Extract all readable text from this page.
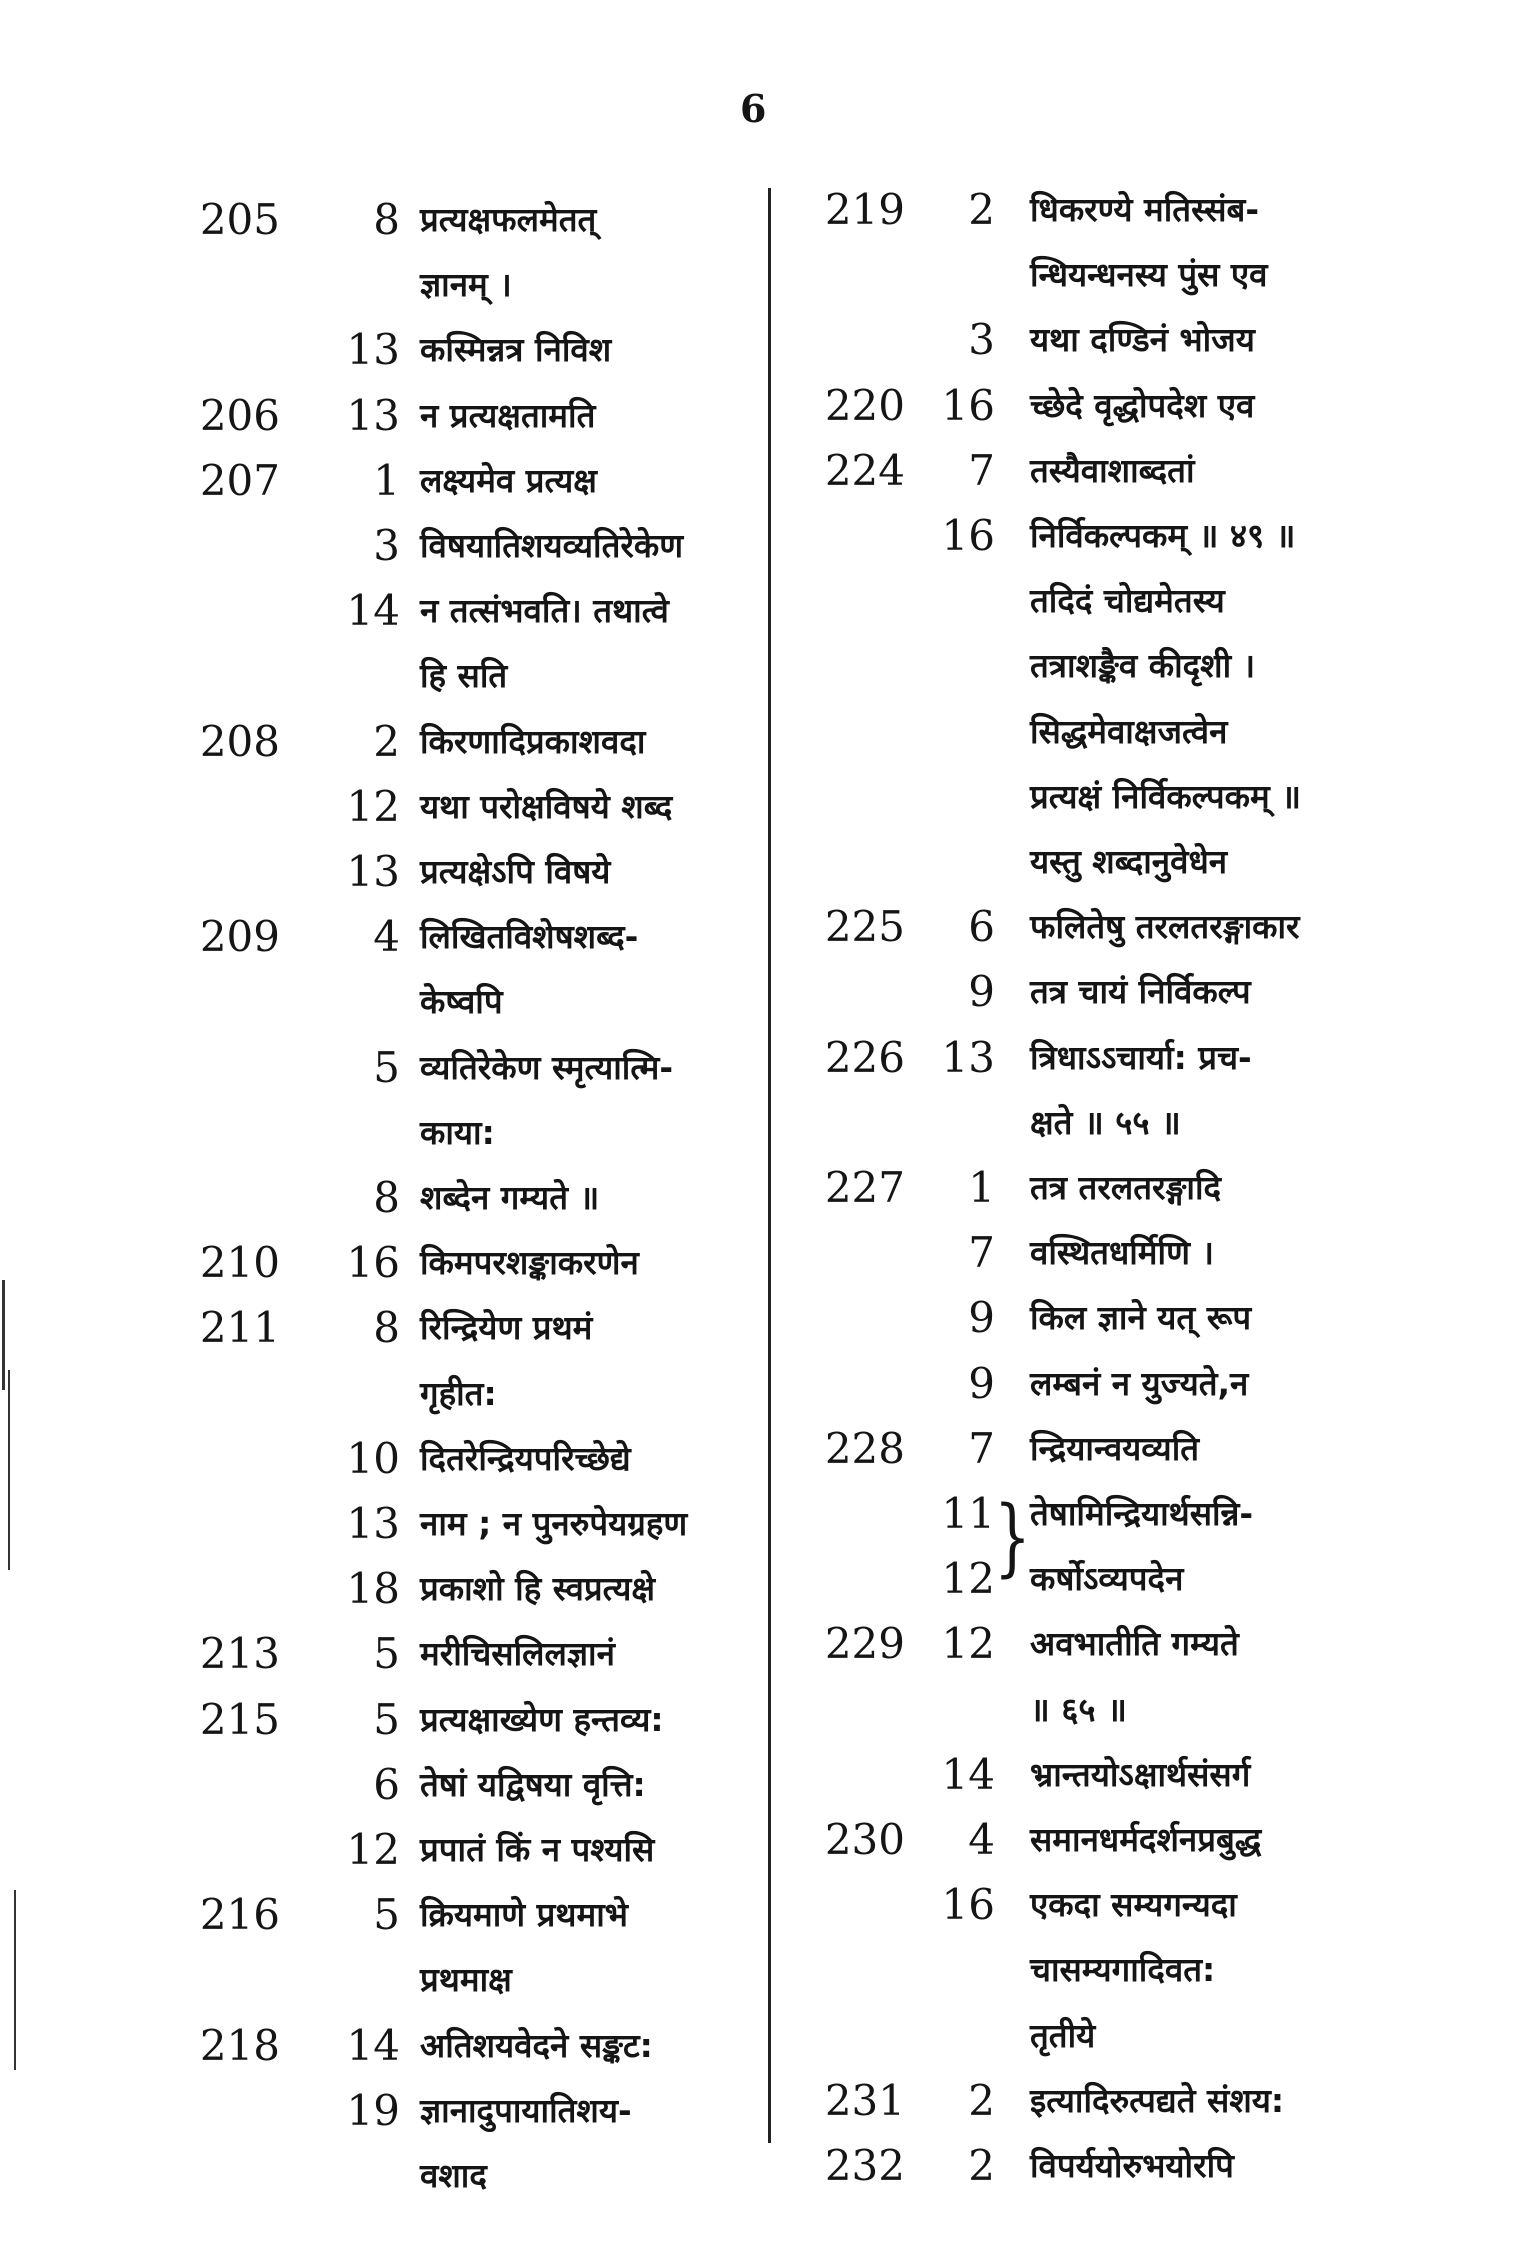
6
205	8 प्रत्यक्षफलमेतत्
ज्ञानम् ।
13 कस्मिन्नत्र निविश
206	13 न प्रत्यक्षतामति
207	1 लक्ष्यमेव प्रत्यक्ष
3 विषयातिशयव्यतिरेकेण
14 न तत्संभवति। तथात्वे
हि सति
208	2 किरणादिप्रकाशवदा
12 यथा परोक्षविषये शब्द
13 प्रत्यक्षेऽपि विषये
209	4 लिखितविशेषशब्द-
केष्वपि
5 व्यतिरेकेण स्मृत्यात्मि-
काया:
8 शब्देन गम्यते ॥
210	16 किमपरशङ्काकरणेन
211	8 रिन्द्रियेण प्रथमं
गृहीत:
10 दितरेन्द्रियपरिच्छेद्ये
13 नाम ; न पुनरुपेयग्रहण
18 प्रकाशो हि स्वप्रत्यक्षे
213	5 मरीचिसलिलज्ञानं
215	5 प्रत्यक्षाख्येण हन्तव्य:
6 तेषां यद्विषया वृत्ति:
12 प्रपातं किं न पश्यसि
216	5 क्रियमाणे प्रथमाभे
प्रथमाक्ष
218	14 अतिशयवेदने सङ्कट:
19 ज्ञानादुपायातिशय-
वशाद
219	2 धिकरण्ये मतिस्संब-
न्धियन्धनस्य पुंस एव
3 यथा दण्डिनं भोजय
220 16 च्छेदे वृद्धोपदेश एव
224	7 तस्यैवाशाब्दतां
16 निर्विकल्पकम् ॥ ४९ ॥
तदिदं चोद्यमेतस्य
तत्राशङ्कैव कीदृशी ।
सिद्धमेवाक्षजत्वेन
प्रत्यक्षं निर्विकल्पकम् ॥
यस्तु शब्दानुवेधेन
225	6 फलितेषु तरलतरङ्गाकार
9 तत्र चायं निर्विकल्प
226 13 त्रिधाऽऽचार्या: प्रच-
क्षते ॥ ५५ ॥
227	1 तत्र तरलतरङ्गादि
7 वस्थितधर्मिणि ।
9 किल ज्ञाने यत् रूप
9 लम्बनं न युज्यते,न
228	7 न्द्रियान्वयव्यति
11 तेषामिन्द्रियार्थसन्नि-
12 कर्षोऽव्यपदेन
229 12 अवभातीति गम्यते
॥ ६५ ॥
14 भ्रान्तयोऽक्षार्थसंसर्ग
230	4 समानधर्मदर्शनप्रबुद्ध
16 एकदा सम्यगन्यदा
चासम्यगादिवत:
तृतीये
231	2 इत्यादिरुत्पद्यते संशय:
232	2 विपर्ययोरुभयोरपि
}
